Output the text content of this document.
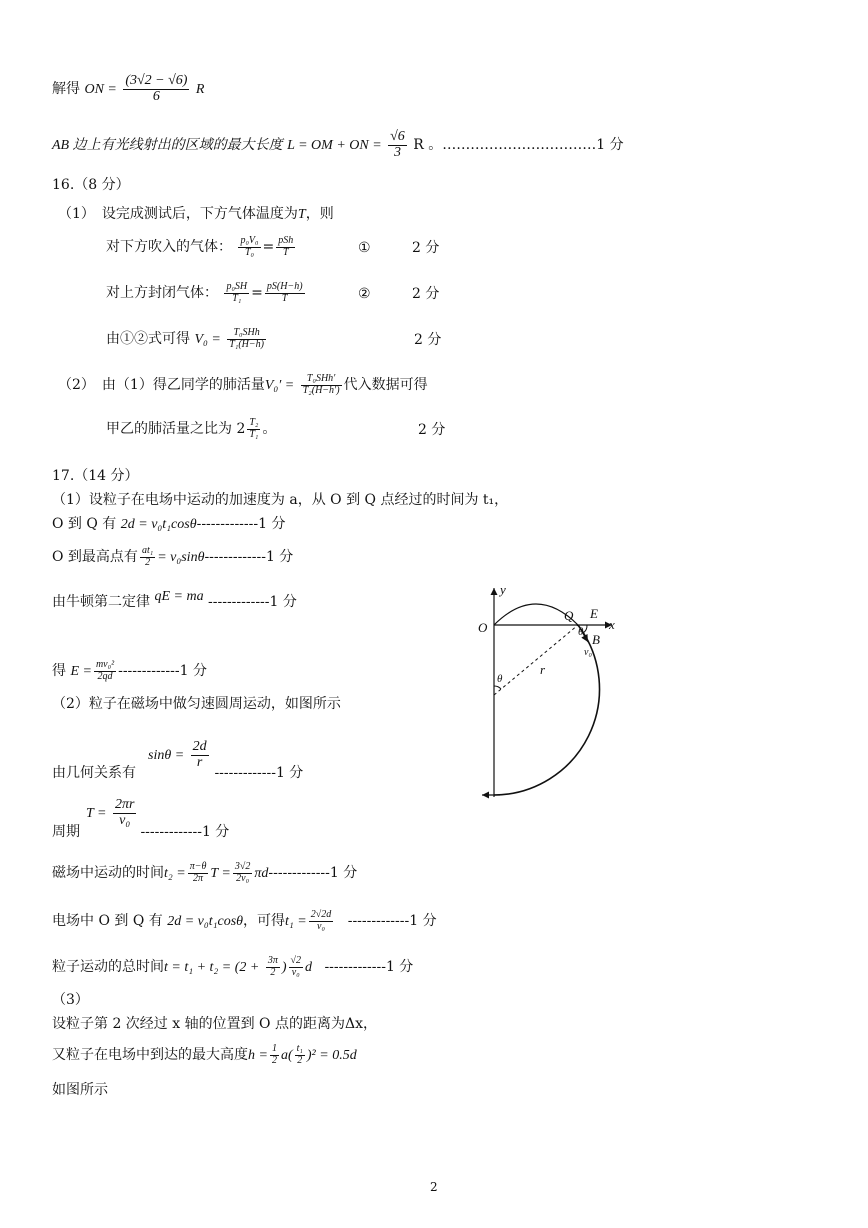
解得 ON = $\frac{(3√2 - √6)}{6}$ R
AB 边上有光线射出的区域的最大长度 L = OM + ON = $\frac{√6}{3}$ R 。……………………………1 分
16.（8 分）
（1）　设完成测试后，下方气体温度为T，则
对下方吹入的气体： $\frac{\text{p₀V₀}}{\text{T₀}} = \frac{\text{pSh}}{T}$	①	2 分
对上方封闭气体： $\frac{\text{p₀SH}}{\text{T₁}} = \frac{pS(H-h)}{T}$	②	2 分
由①②式可得 $V_0 = \frac{\text{T₀SHh}}{\text{T₁(H−h)}}$	2 分
（2）　由（1）得乙同学的肺活量$V_0' = \frac{\text{T₀SHh′}}{\text{T₂(H−h′)}}$ 代入数据可得
甲乙的肺活量之比为 $2 \frac{\text{T₂}}{\text{T₁}}$ 。	2 分
17.（14 分）
（1）设粒子在电场中运动的加速度为 a，从 O 到 Q 点经过的时间为 t₁，
O 到 Q 有 2d = v₀t₁cosθ-------------1 分
O 到最高点有 $\frac{\text{at₁}}{2} = v_0\sin\theta-------------1$ 分
由牛顿第二定律 qE = ma -------------1 分
得 $E = \frac{\text{mv₀²}}{2qd} -------------1$ 分
（2）粒子在磁场中做匀速圆周运动，如图所示
$\sin\theta = \frac{2d}{r}$
由几何关系有	-------------1 分
$T = \frac{2\pi r}{\text{v₀}}$
周期	-------------1 分
磁场中运动的时间$t_2 = \frac{\pi-\theta}{2\pi}$ $T = \frac{3√2}{\text{2v₀}} \pi d-------------1$ 分
电场中 O 到 Q 有 2d = v₀t₁cosθ，可得$t_1 = \frac{2√2d}{\text{v₀}} -------------1$ 分
粒子运动的总时间$t = t_1 + t_2 = (2 + \frac{3\pi}{2}$ ) $\frac{√2}{\text{v₀}}$ d -------------1 分
（3）
设粒子第 2 次经过 x 轴的位置到 O 点的距离为Δx，
又粒子在电场中到达的最大高度$h = \frac{1}{2} a( \frac{\text{t₁}}{2} )^2 = 0.5d$
如图所示
2
y
x
O
Q E
B
θ
θ
r
v₀
